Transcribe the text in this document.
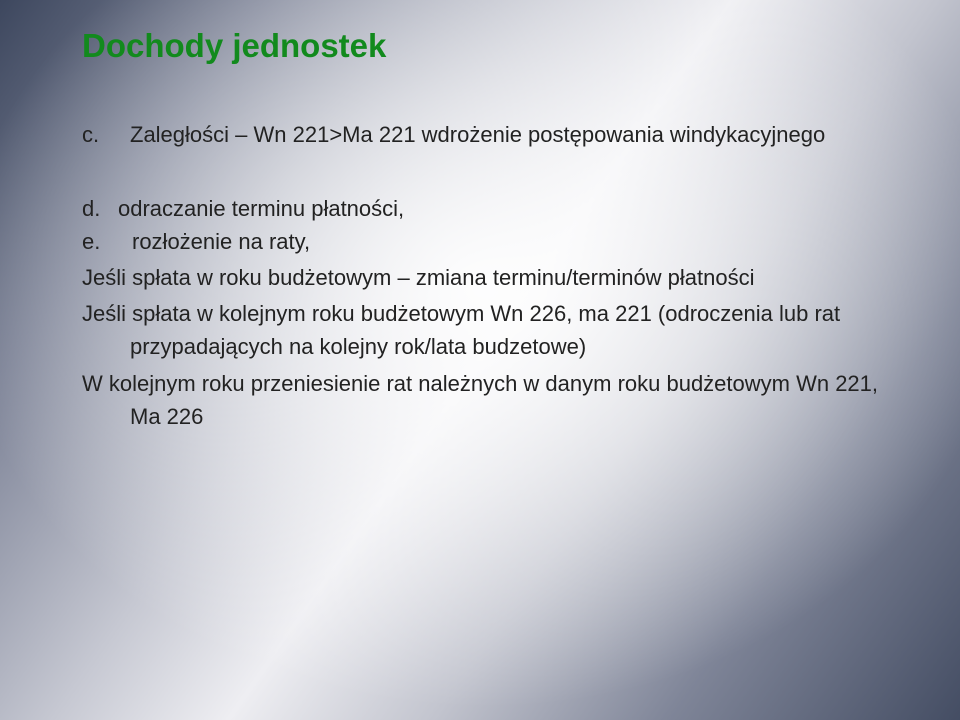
Dochody jednostek

c. Zaległości – Wn 221>Ma 221 wdrożenie postępowania windykacyjnego

d. odraczanie terminu płatności,

e. rozłożenie na raty,

Jeśli spłata w roku budżetowym – zmiana terminu/terminów płatności

Jeśli spłata w kolejnym roku budżetowym Wn 226, ma 221 (odroczenia lub rat przypadających na kolejny rok/lata budzetowe)

W kolejnym roku przeniesienie rat należnych w danym roku budżetowym Wn 221, Ma 226
